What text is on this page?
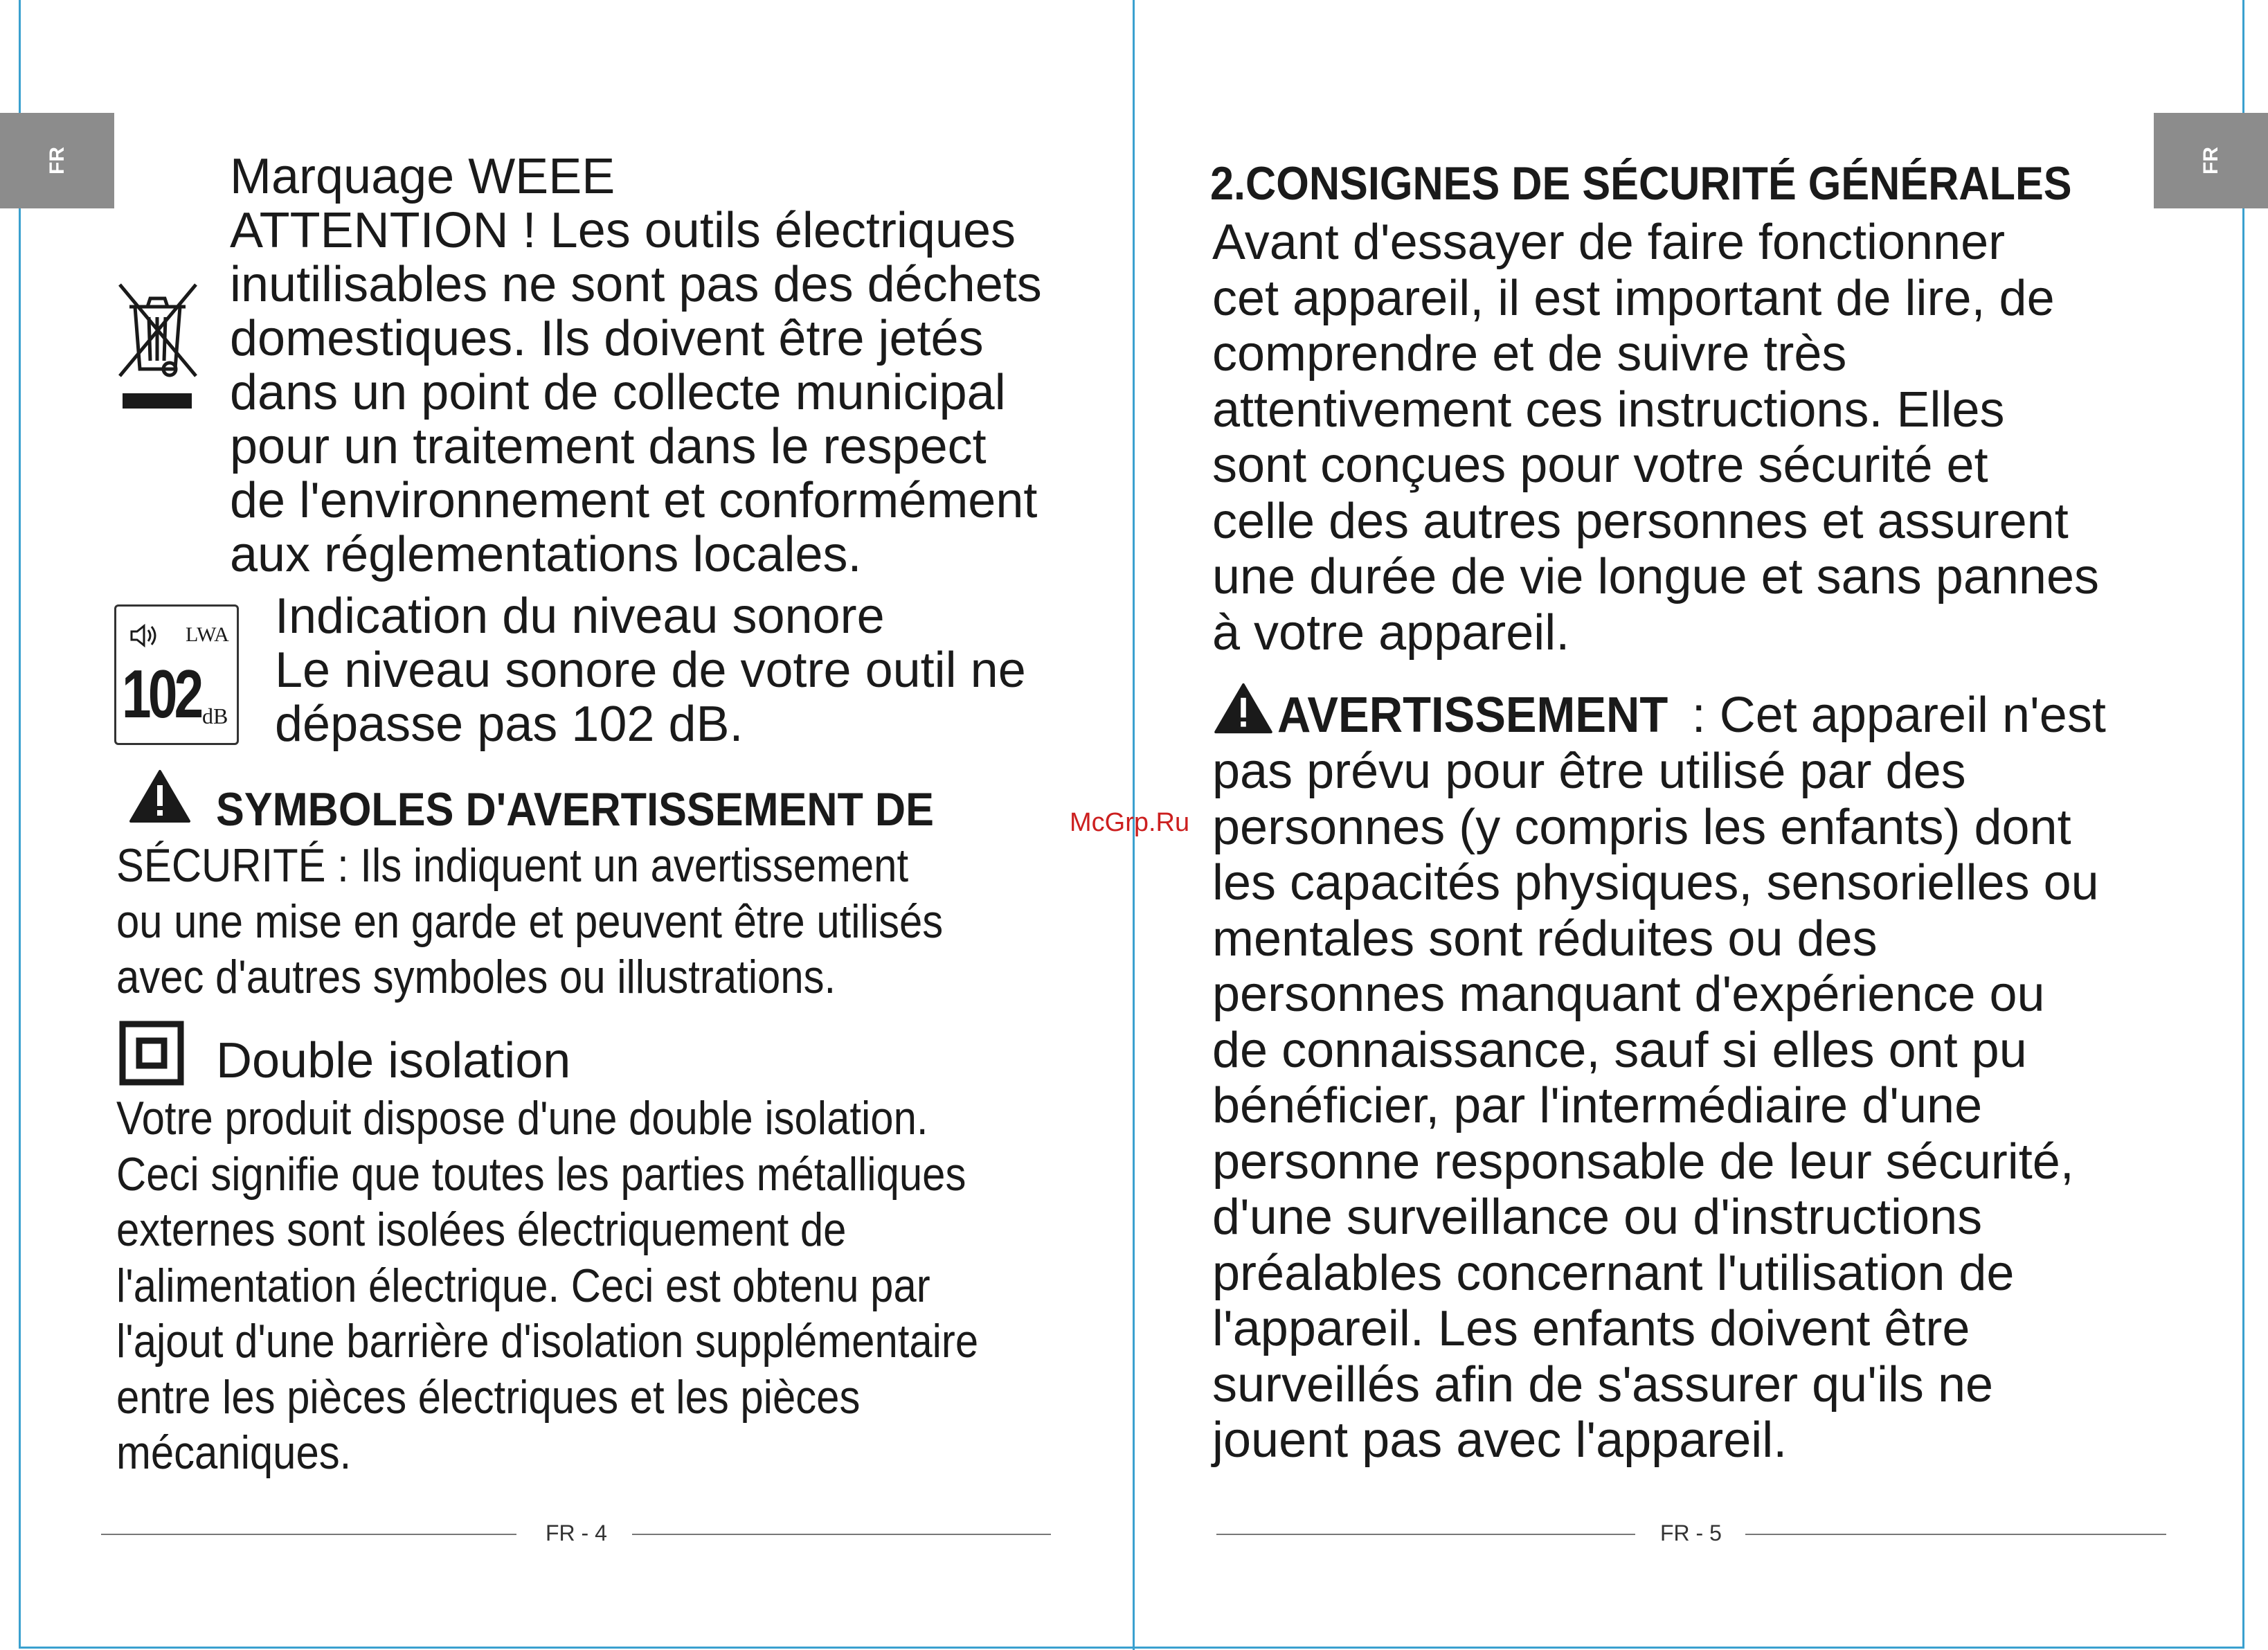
FR	FR
Marquage WEEE
ATTENTION ! Les outils électriques
inutilisables ne sont pas des déchets
domestiques. Ils doivent être jetés
dans un point de collecte municipal
pour un traitement dans le respect
de l'environnement et conformément
aux réglementations locales.
LWA
102 dB
Indication du niveau sonore
Le niveau sonore de votre outil ne
dépasse pas 102 dB.
SYMBOLES D'AVERTISSEMENT DE
SÉCURITÉ : Ils indiquent un avertissement
ou une mise en garde et peuvent être utilisés
avec d'autres symboles ou illustrations.
Double isolation
Votre produit dispose d'une double isolation.
Ceci signifie que toutes les parties métalliques
externes sont isolées électriquement de
l'alimentation électrique. Ceci est obtenu par
l'ajout d'une barrière d'isolation supplémentaire
entre les pièces électriques et les pièces
mécaniques.
FR - 4
McGrp.Ru
2.CONSIGNES DE SÉCURITÉ GÉNÉRALES
Avant d'essayer de faire fonctionner
cet appareil, il est important de lire, de
comprendre et de suivre très
attentivement ces instructions. Elles
sont conçues pour votre sécurité et
celle des autres personnes et assurent
une durée de vie longue et sans pannes
à votre appareil.
AVERTISSEMENT : Cet appareil n'est
pas prévu pour être utilisé par des
personnes (y compris les enfants) dont
les capacités physiques, sensorielles ou
mentales sont réduites ou des
personnes manquant d'expérience ou
de connaissance, sauf si elles ont pu
bénéficier, par l'intermédiaire d'une
personne responsable de leur sécurité,
d'une surveillance ou d'instructions
préalables concernant l'utilisation de
l'appareil. Les enfants doivent être
surveillés afin de s'assurer qu'ils ne
jouent pas avec l'appareil.
FR - 5
